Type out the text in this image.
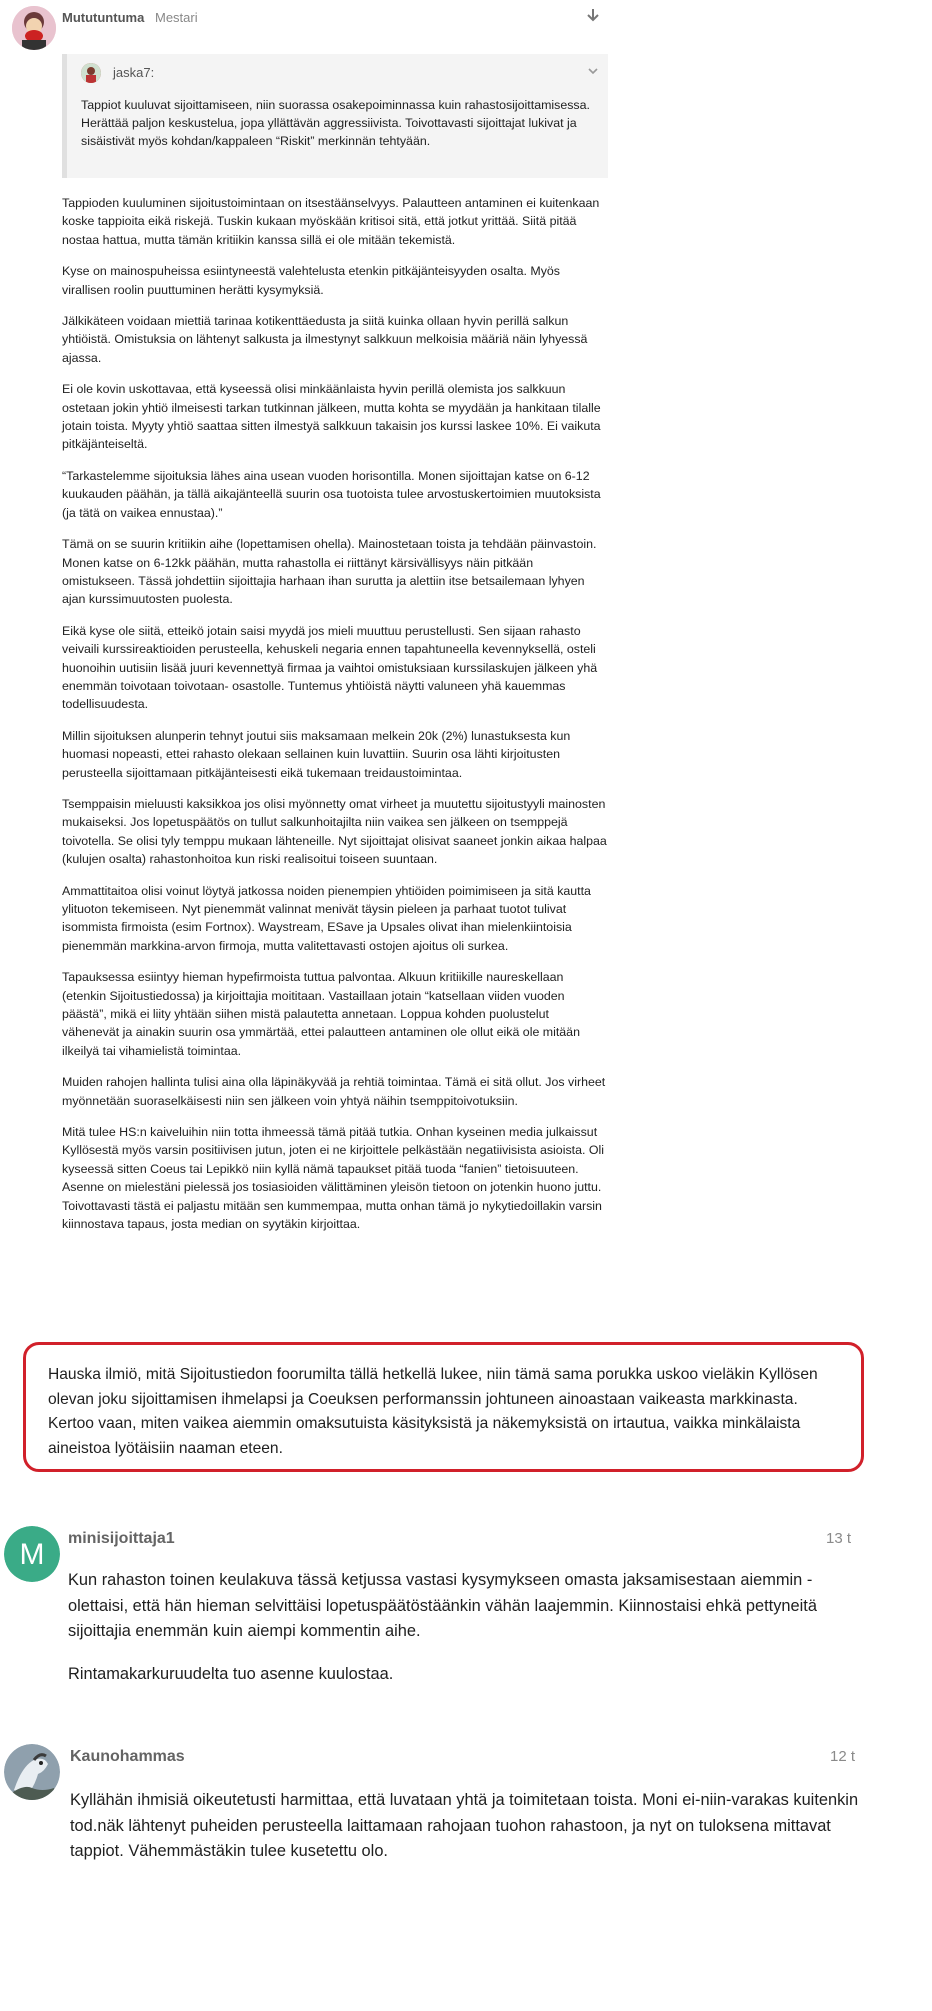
Mututuntuma Mestari
jaska7:
Tappiot kuuluvat sijoittamiseen, niin suorassa osakepoiminnassa kuin rahastosijoittamisessa. Herättää paljon keskustelua, jopa yllättävän aggressiivista. Toivottavasti sijoittajat lukivat ja sisäistivät myös kohdan/kappaleen “Riskit” merkinnän tehtyään.

Tappioden kuuluminen sijoitustoimintaan on itsestäänselvyys. Palautteen antaminen ei kuitenkaan koske tappioita eikä riskejä. Tuskin kukaan myöskään kritisoi sitä, että jotkut yrittää. Siitä pitää nostaa hattua, mutta tämän kritiikin kanssa sillä ei ole mitään tekemistä.

Kyse on mainospuheissa esiintyneestä valehtelusta etenkin pitkäjänteisyyden osalta. Myös virallisen roolin puuttuminen herätti kysymyksiä.

Jälkikäteen voidaan miettiä tarinaa kotikenttäedusta ja siitä kuinka ollaan hyvin perillä salkun yhtiöistä. Omistuksia on lähtenyt salkusta ja ilmestynyt salkkuun melkoisia määriä näin lyhyessä ajassa.

Ei ole kovin uskottavaa, että kyseessä olisi minkäänlaista hyvin perillä olemista jos salkkuun ostetaan jokin yhtiö ilmeisesti tarkan tutkinnan jälkeen, mutta kohta se myydään ja hankitaan tilalle jotain toista. Myyty yhtiö saattaa sitten ilmestyä salkkuun takaisin jos kurssi laskee 10%. Ei vaikuta pitkäjänteiseltä.

“Tarkastelemme sijoituksia lähes aina usean vuoden horisontilla. Monen sijoittajan katse on 6-12 kuukauden päähän, ja tällä aikajänteellä suurin osa tuotoista tulee arvostuskertoimien muutoksista (ja tätä on vaikea ennustaa).”

Tämä on se suurin kritiikin aihe (lopettamisen ohella). Mainostetaan toista ja tehdään päinvastoin. Monen katse on 6-12kk päähän, mutta rahastolla ei riittänyt kärsivällisyys näin pitkään omistukseen. Tässä johdettiin sijoittajia harhaan ihan surutta ja alettiin itse betsailemaan lyhyen ajan kurssimuutosten puolesta.

Eikä kyse ole siitä, etteikö jotain saisi myydä jos mieli muuttuu perustellusti. Sen sijaan rahasto veivaili kurssireaktioiden perusteella, kehuskeli negaria ennen tapahtuneella kevennyksellä, osteli huonoihin uutisiin lisää juuri kevennettyä firmaa ja vaihtoi omistuksiaan kurssilaskujen jälkeen yhä enemmän toivotaan toivotaan- osastolle. Tuntemus yhtiöistä näytti valuneen yhä kauemmas todellisuudesta.

Millin sijoituksen alunperin tehnyt joutui siis maksamaan melkein 20k (2%) lunastuksesta kun huomasi nopeasti, ettei rahasto olekaan sellainen kuin luvattiin. Suurin osa lähti kirjoitusten perusteella sijoittamaan pitkäjänteisesti eikä tukemaan treidaustoimintaa.

Tsemppaisin mieluusti kaksikkoa jos olisi myönnetty omat virheet ja muutettu sijoitustyyli mainosten mukaiseksi. Jos lopetuspäätös on tullut salkunhoitajilta niin vaikea sen jälkeen on tsemppejä toivotella. Se olisi tyly temppu mukaan lähteneille. Nyt sijoittajat olisivat saaneet jonkin aikaa halpaa (kulujen osalta) rahastonhoitoa kun riski realisoitui toiseen suuntaan.

Ammattitaitoa olisi voinut löytyä jatkossa noiden pienempien yhtiöiden poimimiseen ja sitä kautta ylituoton tekemiseen. Nyt pienemmät valinnat menivät täysin pieleen ja parhaat tuotot tulivat isommista firmoista (esim Fortnox). Waystream, ESave ja Upsales olivat ihan mielenkiintoisia pienemmän markkina-arvon firmoja, mutta valitettavasti ostojen ajoitus oli surkea.

Tapauksessa esiintyy hieman hypefirmoista tuttua palvontaa. Alkuun kritiikille naureskellaan (etenkin Sijoitustiedossa) ja kirjoittajia moititaan. Vastaillaan jotain “katsellaan viiden vuoden päästä”, mikä ei liity yhtään siihen mistä palautetta annetaan. Loppua kohden puolustelut vähenevät ja ainakin suurin osa ymmärtää, ettei palautteen antaminen ole ollut eikä ole mitään ilkeilyä tai vihamielistä toimintaa.

Muiden rahojen hallinta tulisi aina olla läpinäkyvää ja rehtiä toimintaa. Tämä ei sitä ollut. Jos virheet myönnetään suoraselkäisesti niin sen jälkeen voin yhtyä näihin tsemppitoivotuksiin.

Mitä tulee HS:n kaiveluihin niin totta ihmeessä tämä pitää tutkia. Onhan kyseinen media julkaissut Kyllösestä myös varsin positiivisen jutun, joten ei ne kirjoittele pelkästään negatiivisista asioista. Oli kyseessä sitten Coeus tai Lepikkö niin kyllä nämä tapaukset pitää tuoda “fanien” tietoisuuteen. Asenne on mielestäni pielessä jos tosiasioiden välittäminen yleisön tietoon on jotenkin huono juttu. Toivottavasti tästä ei paljastu mitään sen kummempaa, mutta onhan tämä jo nykytiedoillakin varsin kiinnostava tapaus, josta median on syytäkin kirjoittaa.

Hauska ilmiö, mitä Sijoitustiedon foorumilta tällä hetkellä lukee, niin tämä sama porukka uskoo vieläkin Kyllösen olevan joku sijoittamisen ihmelapsi ja Coeuksen performanssin johtuneen ainoastaan vaikeasta markkinasta. Kertoo vaan, miten vaikea aiemmin omaksutuista käsityksistä ja näkemyksistä on irtautua, vaikka minkälaista aineistoa lyötäisiin naaman eteen.

M minisijoittaja1	13 t

Kun rahaston toinen keulakuva tässä ketjussa vastasi kysymykseen omasta jaksamisestaan aiemmin - olettaisi, että hän hieman selvittäisi lopetuspäätöstäänkin vähän laajemmin. Kiinnostaisi ehkä pettyneitä sijoittajia enemmän kuin aiempi kommentin aihe.

Rintamakarkuruudelta tuo asenne kuulostaa.

Kaunohammas	12 t

Kyllähän ihmisiä oikeutetusti harmittaa, että luvataan yhtä ja toimitetaan toista. Moni ei-niin-varakas kuitenkin tod.näk lähtenyt puheiden perusteella laittamaan rahojaan tuohon rahastoon, ja nyt on tuloksena mittavat tappiot. Vähemmästäkin tulee kusetettu olo.
